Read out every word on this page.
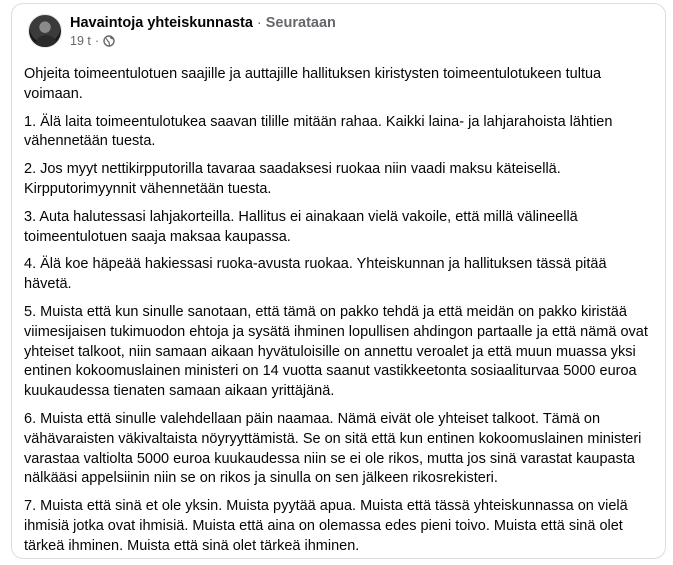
Havaintoja yhteiskunnasta · Seurataan
19 t ·

Ohjeita toimeentulotuen saajille ja auttajille hallituksen kiristysten toimeentulotukeen tultua voimaan.

1. Älä laita toimeentulotukea saavan tilille mitään rahaa. Kaikki laina- ja lahjarahoista lähtien vähennetään tuesta.

2. Jos myyt nettikirpputorilla tavaraa saadaksesi ruokaa niin vaadi maksu käteisellä. Kirpputorimyynnit vähennetään tuesta.

3. Auta halutessasi lahjakorteilla. Hallitus ei ainakaan vielä vakoile, että millä välineellä toimeentulotuen saaja maksaa kaupassa.

4. Älä koe häpeää hakiessasi ruoka-avusta ruokaa. Yhteiskunnan ja hallituksen tässä pitää hävetä.

5. Muista että kun sinulle sanotaan, että tämä on pakko tehdä ja että meidän on pakko kiristää viimesijaisen tukimuodon ehtoja ja sysätä ihminen lopullisen ahdingon partaalle ja että nämä ovat yhteiset talkoot, niin samaan aikaan hyvätuloisille on annettu veroalet ja että muun muassa yksi entinen kokoomuslainen ministeri on 14 vuotta saanut vastikkeetonta sosiaaliturvaa 5000 euroa kuukaudessa tienaten samaan aikaan yrittäjänä.

6. Muista että sinulle valehdellaan päin naamaa. Nämä eivät ole yhteiset talkoot. Tämä on vähävaraisten väkivaltaista nöyryyttämistä. Se on sitä että kun entinen kokoomuslainen ministeri varastaa valtiolta 5000 euroa kuukaudessa niin se ei ole rikos, mutta jos sinä varastat kaupasta nälkääsi appelsiinin niin se on rikos ja sinulla on sen jälkeen rikosrekisteri.

7. Muista että sinä et ole yksin. Muista pyytää apua. Muista että tässä yhteiskunnassa on vielä ihmisiä jotka ovat ihmisiä. Muista että aina on olemassa edes pieni toivo. Muista että sinä olet tärkeä ihminen. Muista että sinä olet tärkeä ihminen.
